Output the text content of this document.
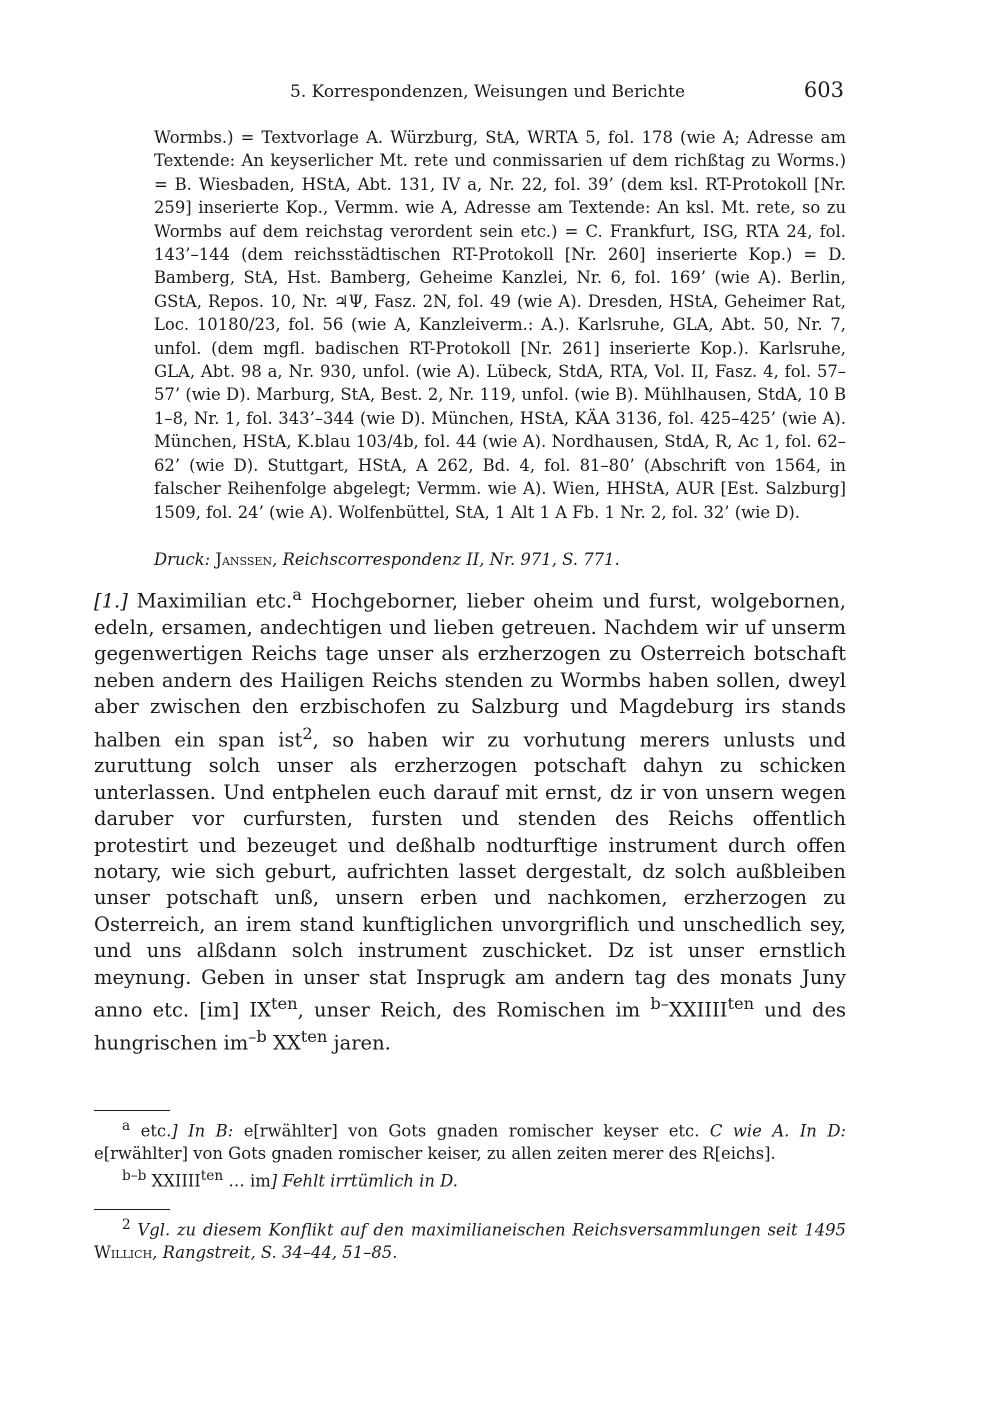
5. Korrespondenzen, Weisungen und Berichte	603

Wormbs.) = Textvorlage A. Würzburg, StA, WRTA 5, fol. 178 (wie A; Adresse am Textende: An keyserlicher Mt. rete und conmissarien uf dem richßtag zu Worms.) = B. Wiesbaden, HStA, Abt. 131, IV a, Nr. 22, fol. 39’ (dem ksl. RT-Protokoll [Nr. 259] inserierte Kop., Vermm. wie A, Adresse am Textende: An ksl. Mt. rete, so zu Wormbs auf dem reichstag verordent sein etc.) = C. Frankfurt, ISG, RTA 24, fol. 143’–144 (dem reichsstädtischen RT-Protokoll [Nr. 260] inserierte Kop.) = D. Bamberg, StA, Hst. Bamberg, Geheime Kanzlei, Nr. 6, fol. 169’ (wie A). Berlin, GStA, Repos. 10, Nr. ♃Ψ, Fasz. 2N, fol. 49 (wie A). Dresden, HStA, Geheimer Rat, Loc. 10180/23, fol. 56 (wie A, Kanzleiverm.: A.). Karlsruhe, GLA, Abt. 50, Nr. 7, unfol. (dem mgfl. badischen RT-Protokoll [Nr. 261] inserierte Kop.). Karlsruhe, GLA, Abt. 98 a, Nr. 930, unfol. (wie A). Lübeck, StdA, RTA, Vol. II, Fasz. 4, fol. 57–57’ (wie D). Marburg, StA, Best. 2, Nr. 119, unfol. (wie B). Mühlhausen, StdA, 10 B 1–8, Nr. 1, fol. 343’–344 (wie D). München, HStA, KÄA 3136, fol. 425–425’ (wie A). München, HStA, K.blau 103/4b, fol. 44 (wie A). Nordhausen, StdA, R, Ac 1, fol. 62–62’ (wie D). Stuttgart, HStA, A 262, Bd. 4, fol. 81–80’ (Abschrift von 1564, in falscher Reihenfolge abgelegt; Vermm. wie A). Wien, HHStA, AUR [Est. Salzburg] 1509, fol. 24’ (wie A). Wolfenbüttel, StA, 1 Alt 1 A Fb. 1 Nr. 2, fol. 32’ (wie D).

Druck: Janssen, Reichscorrespondenz II, Nr. 971, S. 771.

[1.] Maximilian etc.$^a$ Hochgeborner, lieber oheim und furst, wolgebornen, edeln, ersamen, andechtigen und lieben getreuen. Nachdem wir uf unserm gegenwertigen Reichs tage unser als erzherzogen zu Osterreich botschaft neben andern des Hailigen Reichs stenden zu Wormbs haben sollen, dweyl aber zwischen den erzbischofen zu Salzburg und Magdeburg irs stands halben ein span ist$^2$, so haben wir zu vorhutung merers unlusts und zuruttung solch unser als erzherzogen potschaft dahyn zu schicken unterlassen. Und entphelen euch darauf mit ernst, dz ir von unsern wegen daruber vor curfursten, fursten und stenden des Reichs offentlich protestirt und bezeuget und deßhalb nodturftige instrument durch offen notary, wie sich geburt, aufrichten lasset dergestalt, dz solch außbleiben unser potschaft unß, unsern erben und nachkomen, erzherzogen zu Osterreich, an irem stand kunftiglichen unvorgriflich und unschedlich sey, und uns alßdann solch instrument zuschicket. Dz ist unser ernstlich meynung. Geben in unser stat Insprugk am andern tag des monats Juny anno etc. [im] $IX^{ten}$, unser Reich, des Romischen im $^{b-}XXIIII^{ten}$ und des hungrischen $im^{-b}$ $XX^{ten}$ jaren.

$^a$ etc.] In B: e[rwählter] von Gots gnaden romischer keyser etc. C wie A. In D: e[rwählter] von Gots gnaden romischer keiser, zu allen zeiten merer des R[eichs].

$^{b-b}$ $XXIIII^{ten}$ … im] Fehlt irrtümlich in D.

$^2$ Vgl. zu diesem Konflikt auf den maximilianeischen Reichsversammlungen seit 1495 Willich, Rangstreit, S. 34–44, 51–85.
